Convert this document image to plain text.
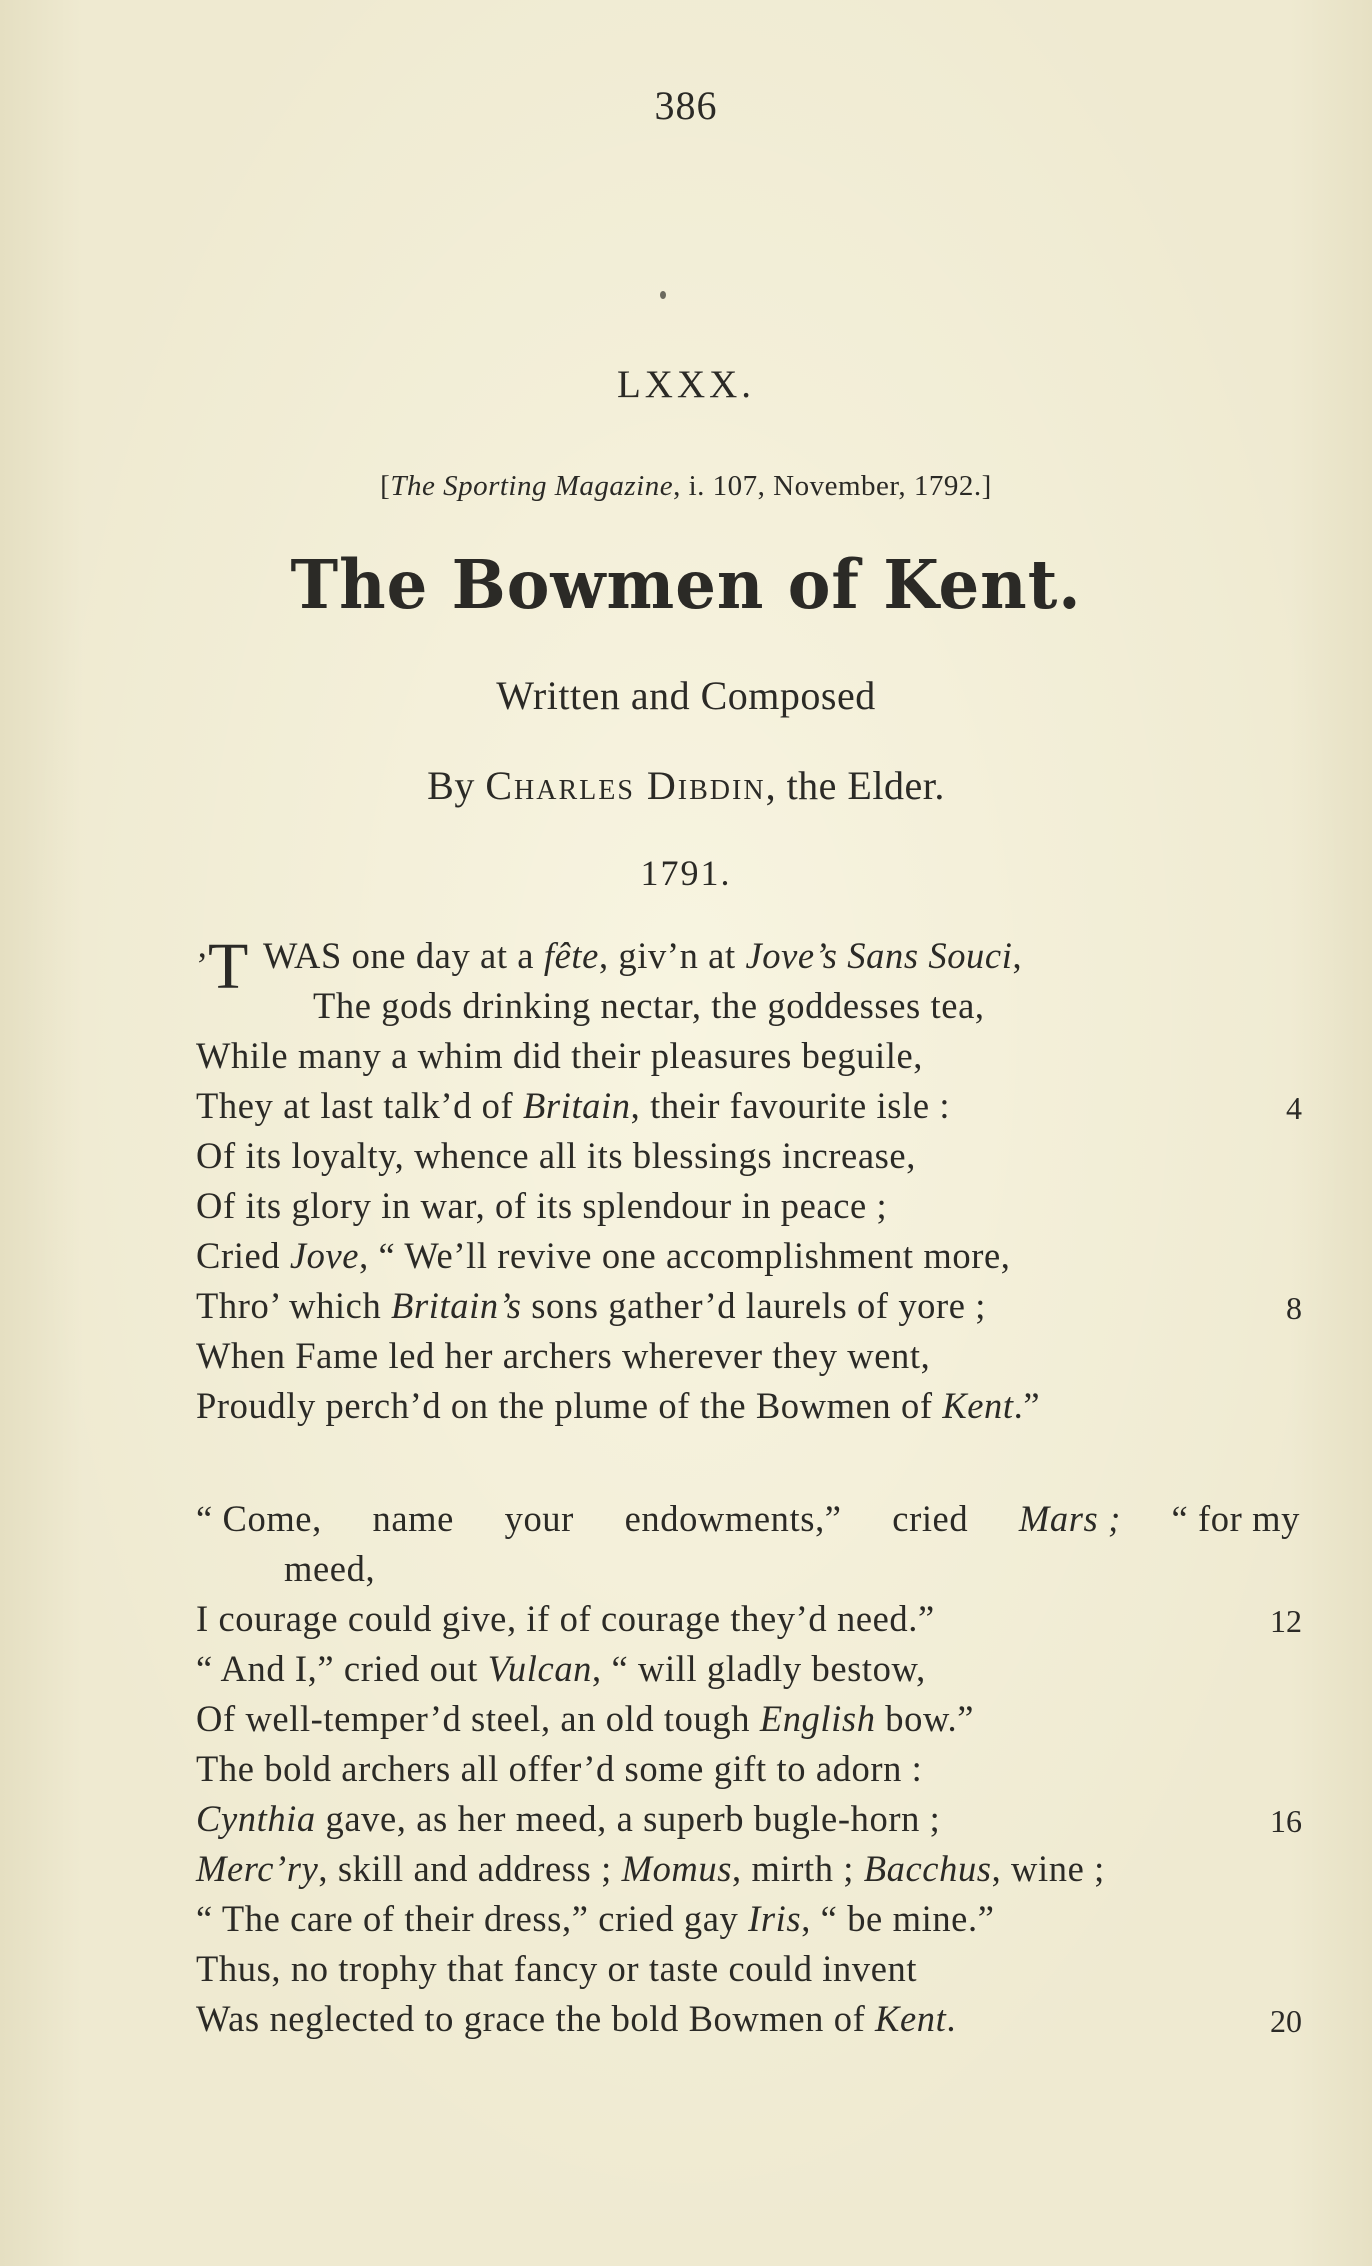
386
LXXX.
[The Sporting Magazine, i. 107, November, 1792.]
The Bowmen of Kent.
Written and Composed
By Charles Dibdin, the Elder.
1791.
’ T WAS one day at a fête, giv’n at Jove’s Sans Souci,
The gods drinking nectar, the goddesses tea,
While many a whim did their pleasures beguile,
They at last talk’d of Britain, their favourite isle :	4
Of its loyalty, whence all its blessings increase,
Of its glory in war, of its splendour in peace ;
Cried Jove, “ We’ll revive one accomplishment more,
Thro’ which Britain’s sons gather’d laurels of yore ;	8
When Fame led her archers wherever they went,
Proudly perch’d on the plume of the Bowmen of Kent.”
“ Come, name your endowments,” cried Mars ; “ for my
meed,
I courage could give, if of courage they’d need.”	12
“ And I,” cried out Vulcan, “ will gladly bestow,
Of well-temper’d steel, an old tough English bow.”
The bold archers all offer’d some gift to adorn :
Cynthia gave, as her meed, a superb bugle-horn ;	16
Merc’ry, skill and address ; Momus, mirth ; Bacchus, wine ;
“ The care of their dress,” cried gay Iris, “ be mine.”
Thus, no trophy that fancy or taste could invent
Was neglected to grace the bold Bowmen of Kent.	20
